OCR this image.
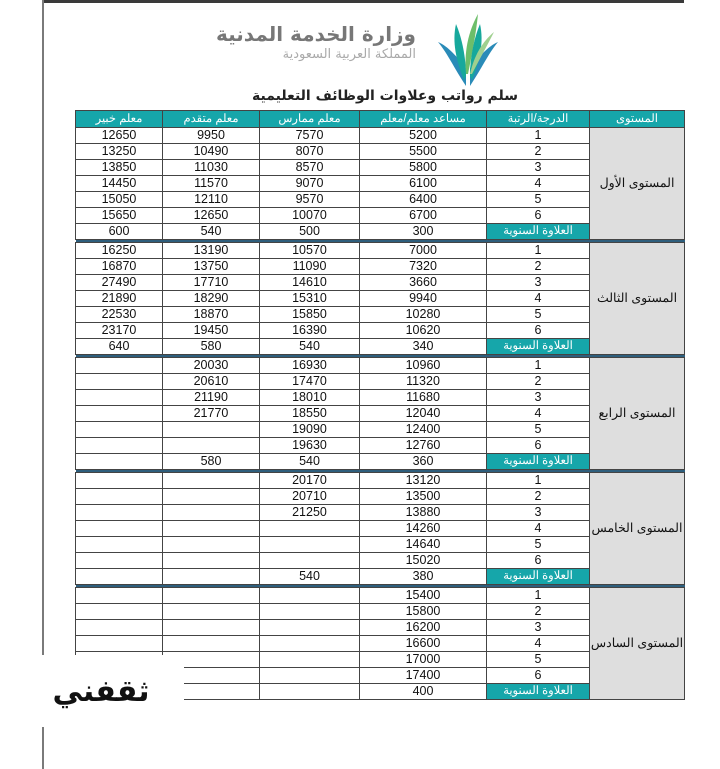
وزارة الخدمة المدنية
المملكة العربية السعودية
سلم رواتب وعلاوات الوظائف التعليمية
المستوى	الدرجة/الرتبة	مساعد معلم/معلم	معلم ممارس	معلم متقدم	معلم خبير
المستوى الأول	1	5200	7570	9950	12650
	2	5500	8070	10490	13250
	3	5800	8570	11030	13850
	4	6100	9070	11570	14450
	5	6400	9570	12110	15050
	6	6700	10070	12650	15650
	العلاوة السنوية	300	500	540	600

المستوى الثالث	1	7000	10570	13190	16250
	2	7320	11090	13750	16870
	3	3660	14610	17710	27490
	4	9940	15310	18290	21890
	5	10280	15850	18870	22530
	6	10620	16390	19450	23170
	العلاوة السنوية	340	540	580	640

المستوى الرابع	1	10960	16930	20030	
	2	11320	17470	20610	
	3	11680	18010	21190	
	4	12040	18550	21770	
	5	12400	19090		
	6	12760	19630		
	العلاوة السنوية	360	540	580	

المستوى الخامس	1	13120	20170		
	2	13500	20710		
	3	13880	21250		
	4	14260			
	5	14640			
	6	15020			
	العلاوة السنوية	380	540		

المستوى السادس	1	15400			
	2	15800			
	3	16200			
	4	16600			
	5	17000			
	6	17400			
	العلاوة السنوية	400			
ثقفني
